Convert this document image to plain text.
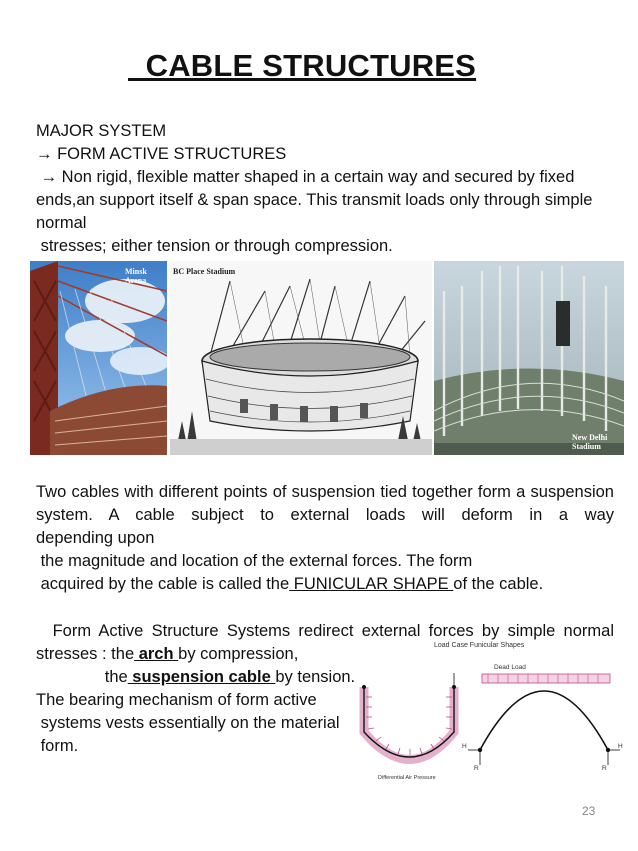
CABLE STRUCTURES
MAJOR SYSTEM
→ FORM ACTIVE STRUCTURES
→ Non rigid, flexible matter shaped in a certain way and secured by fixed ends,an support itself & span space. This transmit loads only through simple normal
stresses; either tension or through compression.
Minsk Arena
BC Place Stadium
New Delhi Stadium
Two cables with different points of suspension tied together form a suspension system. A cable subject to external loads will deform in a way
depending upon
the magnitude and location of the external forces. The form
acquired by the cable is called the FUNICULAR SHAPE of the cable.
Form Active Structure Systems redirect external forces by simple normal
stresses : the arch by compression,
the suspension cable by tension.
The bearing mechanism of form active
systems vests essentially on the material
form.
Load Case Funicular Shapes
Dead Load
Differential Air Pressure
H	H
R	R
23
